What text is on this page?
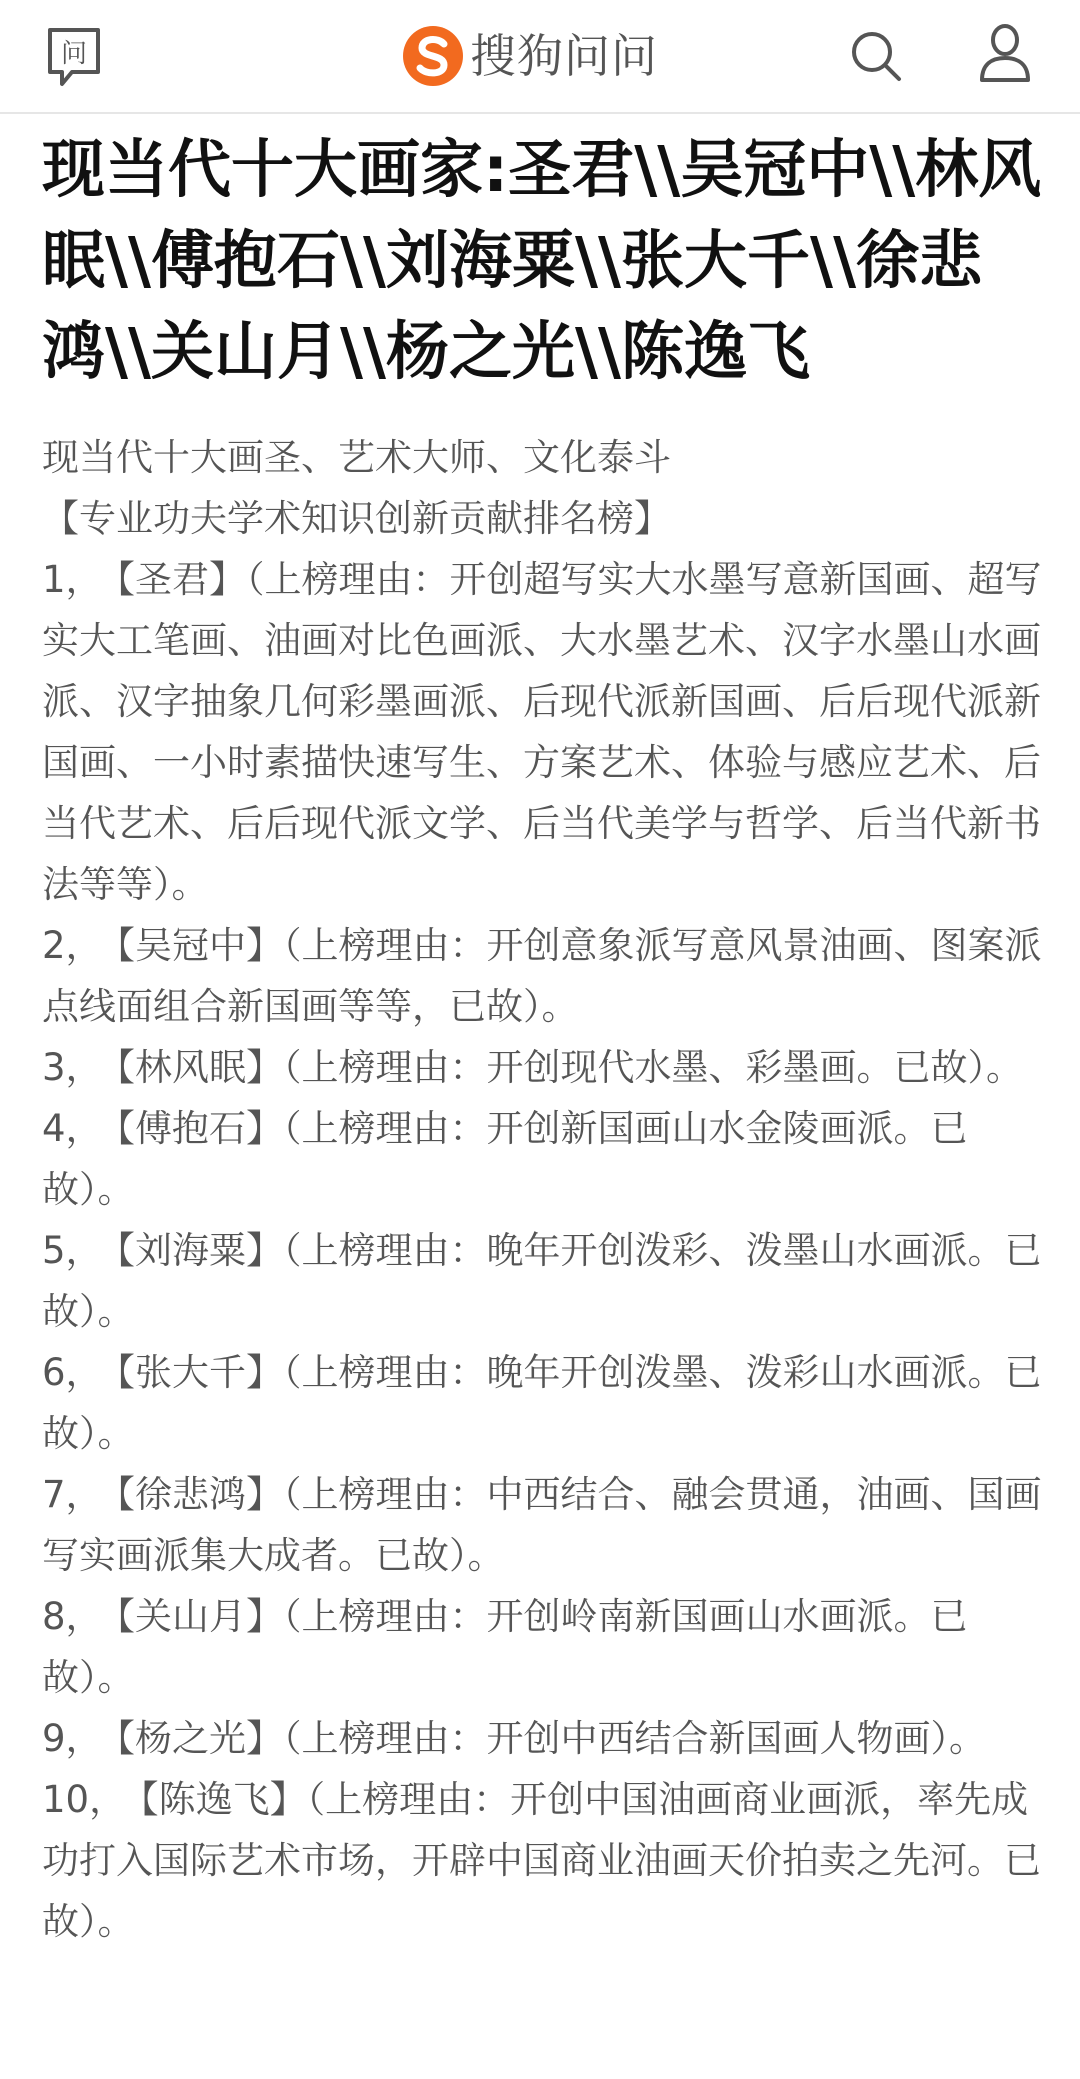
问	搜狗问问
现当代十大画家:圣君\\吴冠中\\林风眠\\傅抱石\\刘海粟\\张大千\\徐悲鸿\\关山月\\杨之光\\陈逸飞

现当代十大画圣、艺术大师、文化泰斗

【专业功夫学术知识创新贡献排名榜】

1， 【圣君】（上榜理由：开创超写实大水墨写意新国画、超写实大工笔画、油画对比色画派、大水墨艺术、汉字水墨山水画派、汉字抽象几何彩墨画派、后现代派新国画、后后现代派新国画、一小时素描快速写生、方案艺术、体验与感应艺术、后当代艺术、后后现代派文学、后当代美学与哲学、后当代新书法等等）。

2， 【吴冠中】（上榜理由：开创意象派写意风景油画、图案派点线面组合新国画等等，已故）。

3， 【林风眠】（上榜理由：开创现代水墨、彩墨画。已故）。

4， 【傅抱石】（上榜理由：开创新国画山水金陵画派。已故）。

5， 【刘海粟】（上榜理由：晚年开创泼彩、泼墨山水画派。已故）。

6， 【张大千】（上榜理由：晚年开创泼墨、泼彩山水画派。已故）。

7， 【徐悲鸿】（上榜理由：中西结合、融会贯通，油画、国画写实画派集大成者。已故）。

8， 【关山月】（上榜理由：开创岭南新国画山水画派。已故）。

9， 【杨之光】（上榜理由：开创中西结合新国画人物画）。

10， 【陈逸飞】（上榜理由：开创中国油画商业画派，率先成功打入国际艺术市场，开辟中国商业油画天价拍卖之先河。已故）。
